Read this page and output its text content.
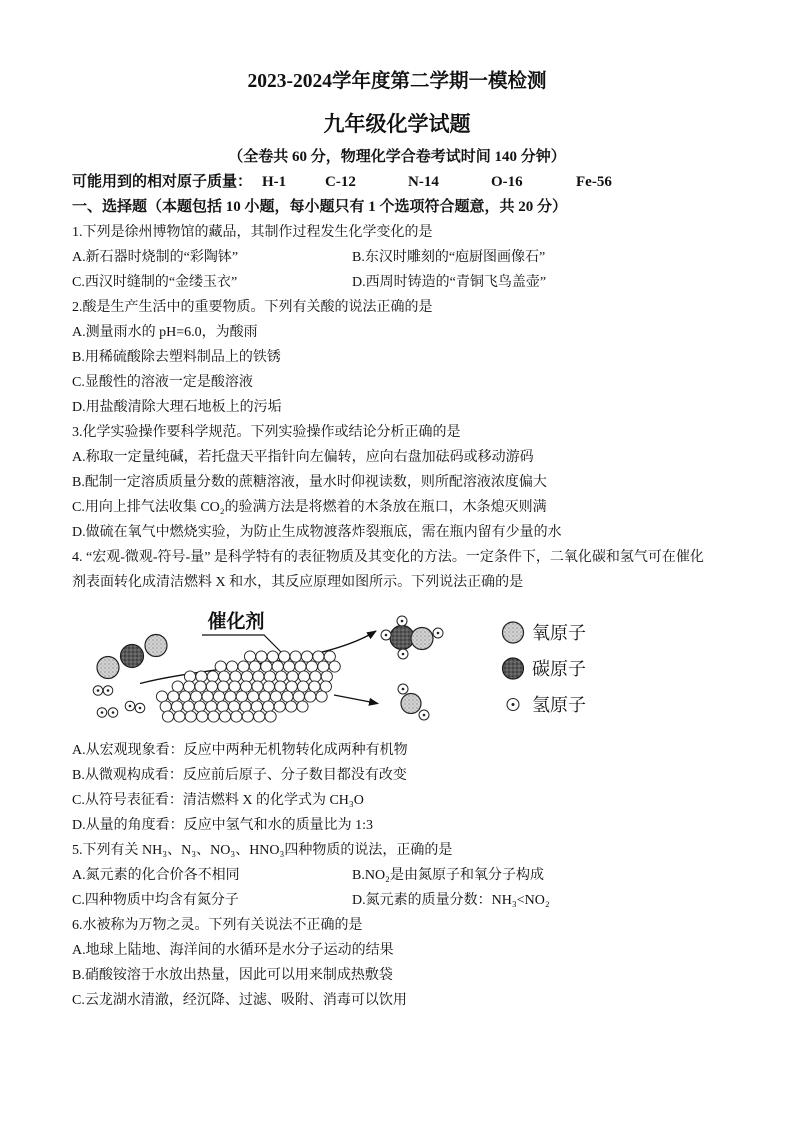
2023-2024学年度第二学期一模检测
九年级化学试题
（全卷共 60 分，物理化学合卷考试时间 140 分钟）
可能用到的相对原子质量： H-1	C-12	N-14	O-16	Fe-56
一、选择题（本题包括 10 小题，每小题只有 1 个选项符合题意，共 20 分）
1.下列是徐州博物馆的藏品，其制作过程发生化学变化的是
A.新石器时烧制的“彩陶钵”	B.东汉时雕刻的“庖厨图画像石”
C.西汉时缝制的“金缕玉衣”	D.西周时铸造的“青铜飞鸟盖壶”
2.酸是生产生活中的重要物质。下列有关酸的说法正确的是
A.测量雨水的 pH=6.0，为酸雨
B.用稀硫酸除去塑料制品上的铁锈
C.显酸性的溶液一定是酸溶液
D.用盐酸清除大理石地板上的污垢
3.化学实验操作要科学规范。下列实验操作或结论分析正确的是
A.称取一定量纯碱，若托盘天平指针向左偏转，应向右盘加砝码或移动游码
B.配制一定溶质质量分数的蔗糖溶液，量水时仰视读数，则所配溶液浓度偏大
C.用向上排气法收集 CO₂的验满方法是将燃着的木条放在瓶口，木条熄灭则满
D.做硫在氧气中燃烧实验，为防止生成物渡落炸裂瓶底，需在瓶内留有少量的水
4. “宏观-微观-符号-量” 是科学特有的表征物质及其变化的方法。一定条件下，二氧化碳和氢气可在催化
剂表面转化成清洁燃料 X 和水，其反应原理如图所示。下列说法正确的是
催化剂
氧原子
碳原子
氢原子
A.从宏观现象看：反应中两种无机物转化成两种有机物
B.从微观构成看：反应前后原子、分子数目都没有改变
C.从符号表征看：清洁燃料 X 的化学式为 CH₃O
D.从量的角度看：反应中氢气和水的质量比为 1:3
5.下列有关 NH₃、N₃、NO₃、HNO₃四种物质的说法，正确的是
A.氮元素的化合价各不相同	B.NO₂是由氮原子和氧分子构成
C.四种物质中均含有氮分子	D.氮元素的质量分数：NH₃<NO₂
6.水被称为万物之灵。下列有关说法不正确的是
A.地球上陆地、海洋间的水循环是水分子运动的结果
B.硝酸铵溶于水放出热量，因此可以用来制成热敷袋
C.云龙湖水清澈，经沉降、过滤、吸附、消毒可以饮用
